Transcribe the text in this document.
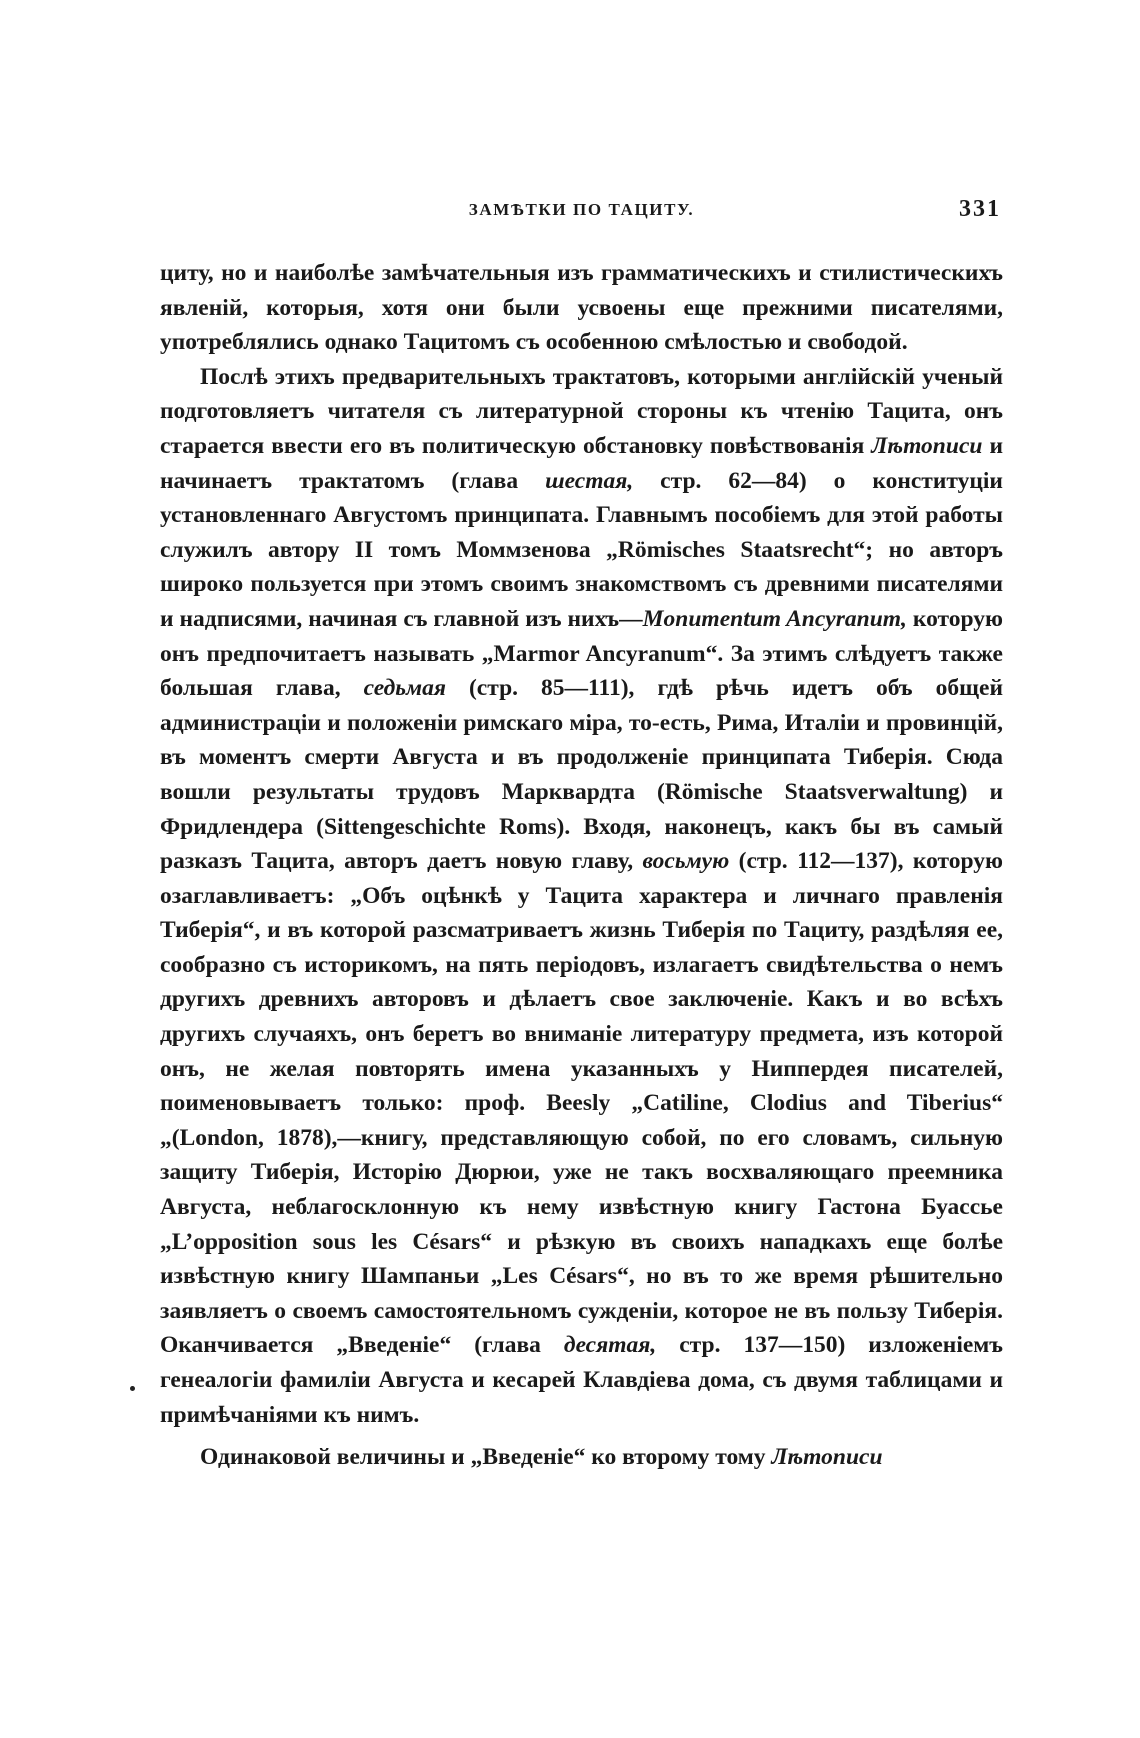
ЗАМѢТКИ ПО ТАЦИТУ.	331

циту, но и наиболѣе замѣчательныя изъ грамматическихъ и стилистическихъ явленій, которыя, хотя они были усвоены еще прежними писателями, употреблялись однако Тацитомъ съ особенною смѣлостью и свободой.

Послѣ этихъ предварительныхъ трактатовъ, которыми англійскій ученый подготовляетъ читателя съ литературной стороны къ чтенію Тацита, онъ старается ввести его въ политическую обстановку повѣствованія Лѣтописи и начинаетъ трактатомъ (глава шестая, стр. 62—84) о конституціи установленнаго Августомъ принципата. Главнымъ пособіемъ для этой работы служилъ автору II томъ Моммзенова „Römisches Staatsrecht“; но авторъ широко пользуется при этомъ своимъ знакомствомъ съ древними писателями и надписями, начиная съ главной изъ нихъ—Monumentum Ancyranum, которую онъ предпочитаетъ называть „Marmor Ancyranum“. За этимъ слѣдуетъ также большая глава, седьмая (стр. 85—111), гдѣ рѣчь идетъ объ общей администраціи и положеніи римскаго міра, то-есть, Рима, Италіи и провинцій, въ моментъ смерти Августа и въ продолженіе принципата Тиберія. Сюда вошли результаты трудовъ Марквардта (Römische Staatsverwaltung) и Фридлендера (Sittengeschichte Roms). Входя, наконецъ, какъ бы въ самый разказъ Тацита, авторъ даетъ новую главу, восьмую (стр. 112—137), которую озаглавливаетъ: „Объ оцѣнкѣ у Тацита характера и личнаго правленія Тиберія“, и въ которой разсматриваетъ жизнь Тиберія по Тациту, раздѣляя ее, сообразно съ историкомъ, на пять періодовъ, излагаетъ свидѣтельства о немъ другихъ древнихъ авторовъ и дѣлаетъ свое заключеніе. Какъ и во всѣхъ другихъ случаяхъ, онъ беретъ во вниманіе литературу предмета, изъ которой онъ, не желая повторять имена указанныхъ у Ниппердея писателей, поименовываетъ только: проф. Beesly „Catiline, Clodius and Tiberius“ „(London, 1878),—книгу, представляющую собой, по его словамъ, сильную защиту Тиберія, Исторію Дюрюи, уже не такъ восхваляющаго преемника Августа, неблагосклонную къ нему извѣстную книгу Гастона Буассье „L’opposition sous les Césars“ и рѣзкую въ своихъ нападкахъ еще болѣе извѣстную книгу Шампаньи „Les Césars“, но въ то же время рѣшительно заявляетъ о своемъ самостоятельномъ сужденіи, которое не въ пользу Тиберія. Оканчивается „Введеніе“ (глава десятая, стр. 137—150) изложеніемъ генеалогіи фамиліи Августа и кесарей Клавдіева дома, съ двумя таблицами и примѣчаніями къ нимъ.

Одинаковой величины и „Введеніе“ ко второму тому Лѣтописи
